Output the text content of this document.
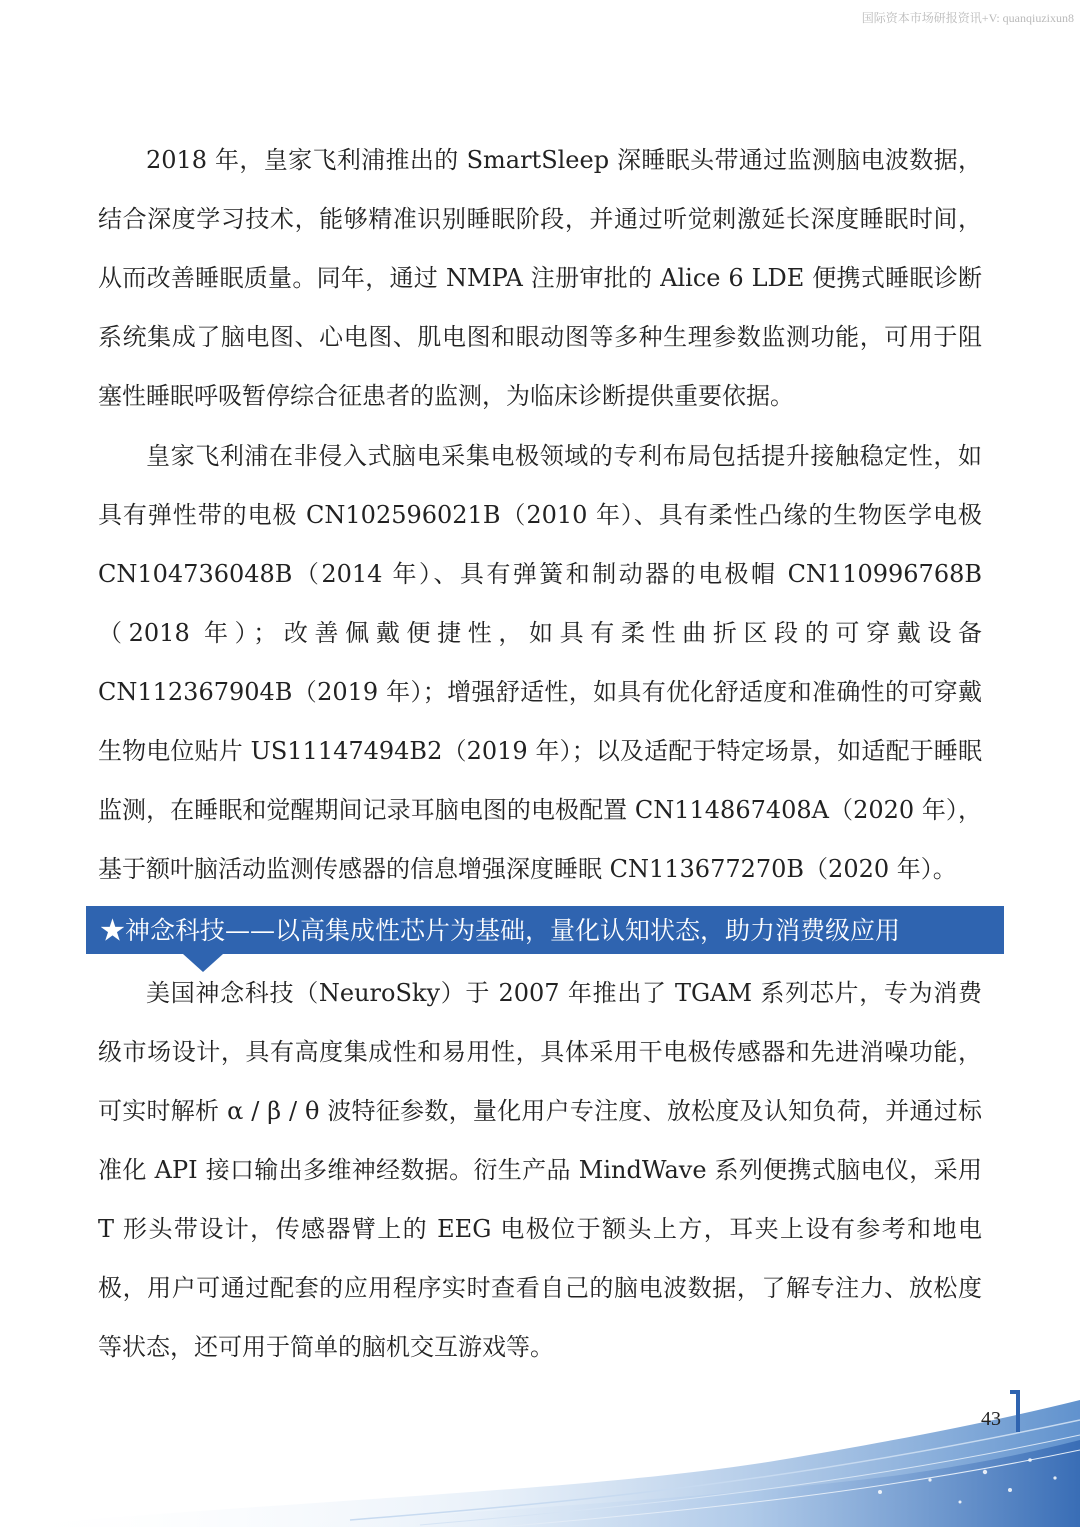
国际资本市场研报资讯+V: quanqiuzixun8

2018 年，皇家飞利浦推出的 SmartSleep 深睡眠头带通过监测脑电波数据，结合深度学习技术，能够精准识别睡眠阶段，并通过听觉刺激延长深度睡眠时间，从而改善睡眠质量。同年，通过 NMPA 注册审批的 Alice 6 LDE 便携式睡眠诊断系统集成了脑电图、心电图、肌电图和眼动图等多种生理参数监测功能，可用于阻塞性睡眠呼吸暂停综合征患者的监测，为临床诊断提供重要依据。

皇家飞利浦在非侵入式脑电采集电极领域的专利布局包括提升接触稳定性，如具有弹性带的电极 CN102596021B（2010 年）、具有柔性凸缘的生物医学电极 CN104736048B（2014 年）、具有弹簧和制动器的电极帽 CN110996768B（2018 年）；改善佩戴便捷性，如具有柔性曲折区段的可穿戴设备 CN112367904B（2019 年）；增强舒适性，如具有优化舒适度和准确性的可穿戴生物电位贴片 US11147494B2（2019 年）；以及适配于特定场景，如适配于睡眠监测，在睡眠和觉醒期间记录耳脑电图的电极配置 CN114867408A（2020 年），基于额叶脑活动监测传感器的信息增强深度睡眠 CN113677270B（2020 年）。

★神念科技——以高集成性芯片为基础，量化认知状态，助力消费级应用

美国神念科技（NeuroSky）于 2007 年推出了 TGAM 系列芯片，专为消费级市场设计，具有高度集成性和易用性，具体采用干电极传感器和先进消噪功能，可实时解析 α / β / θ 波特征参数，量化用户专注度、放松度及认知负荷，并通过标准化 API 接口输出多维神经数据。衍生产品 MindWave 系列便携式脑电仪，采用 T 形头带设计，传感器臂上的 EEG 电极位于额头上方，耳夹上设有参考和地电极，用户可通过配套的应用程序实时查看自己的脑电波数据，了解专注力、放松度等状态，还可用于简单的脑机交互游戏等。

43
